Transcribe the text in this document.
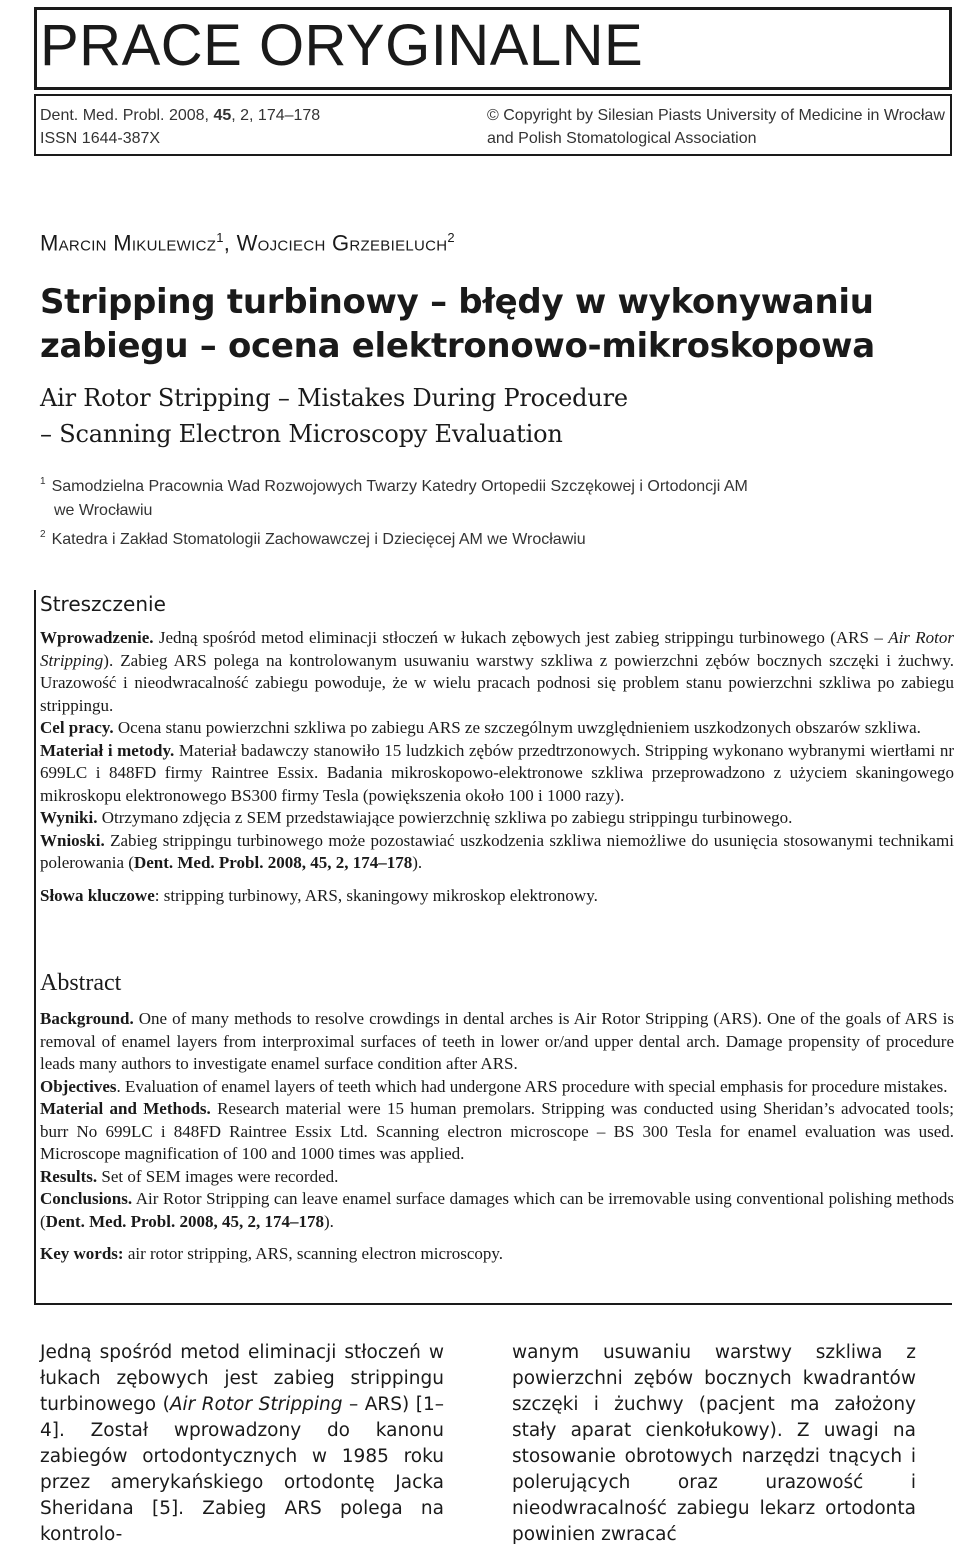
PRACE ORYGINALNE
Dent. Med. Probl. 2008, 45, 2, 174–178
ISSN 1644-387X
© Copyright by Silesian Piasts University of Medicine in Wrocław
and Polish Stomatological Association
Marcin Mikulewicz$^1$, Wojciech Grzebieluch$^2$
Stripping turbinowy – błędy w wykonywaniu
zabiegu – ocena elektronowo-mikroskopowa
Air Rotor Stripping – Mistakes During Procedure
– Scanning Electron Microscopy Evaluation
$^1$ Samodzielna Pracownia Wad Rozwojowych Twarzy Katedry Ortopedii Szczękowej i Ortodoncji AM
we Wrocławiu
$^2$ Katedra i Zakład Stomatologii Zachowawczej i Dziecięcej AM we Wrocławiu
Streszczenie
Wprowadzenie. Jedną spośród metod eliminacji stłoczeń w łukach zębowych jest zabieg strippingu turbinowego (ARS – Air Rotor Stripping). Zabieg ARS polega na kontrolowanym usuwaniu warstwy szkliwa z powierzchni zębów bocznych szczęki i żuchwy. Urazowość i nieodwracalność zabiegu powoduje, że w wielu pracach podnosi się problem stanu powierzchni szkliwa po zabiegu strippingu.
Cel pracy. Ocena stanu powierzchni szkliwa po zabiegu ARS ze szczególnym uwzględnieniem uszkodzonych obszarów szkliwa.
Materiał i metody. Materiał badawczy stanowiło 15 ludzkich zębów przedtrzonowych. Stripping wykonano wybranymi wiertłami nr 699LC i 848FD firmy Raintree Essix. Badania mikroskopowo-elektronowe szkliwa przeprowadzono z użyciem skaningowego mikroskopu elektronowego BS300 firmy Tesla (powiększenia około 100 i 1000 razy).
Wyniki. Otrzymano zdjęcia z SEM przedstawiające powierzchnię szkliwa po zabiegu strippingu turbinowego.
Wnioski. Zabieg strippingu turbinowego może pozostawiać uszkodzenia szkliwa niemożliwe do usunięcia stosowanymi technikami polerowania (Dent. Med. Probl. 2008, 45, 2, 174–178).
Słowa kluczowe: stripping turbinowy, ARS, skaningowy mikroskop elektronowy.
Abstract
Background. One of many methods to resolve crowdings in dental arches is Air Rotor Stripping (ARS). One of the goals of ARS is removal of enamel layers from interproximal surfaces of teeth in lower or/and upper dental arch. Damage propensity of procedure leads many authors to investigate enamel surface condition after ARS.
Objectives. Evaluation of enamel layers of teeth which had undergone ARS procedure with special emphasis for procedure mistakes.
Material and Methods. Research material were 15 human premolars. Stripping was conducted using Sheridan’s advocated tools; burr No 699LC i 848FD Raintree Essix Ltd. Scanning electron microscope – BS 300 Tesla for enamel evaluation was used. Microscope magnification of 100 and 1000 times was applied.
Results. Set of SEM images were recorded.
Conclusions. Air Rotor Stripping can leave enamel surface damages which can be irremovable using conventional polishing methods (Dent. Med. Probl. 2008, 45, 2, 174–178).
Key words: air rotor stripping, ARS, scanning electron microscopy.
Jedną spośród metod eliminacji stłoczeń w łukach zębowych jest zabieg strippingu turbinowego (Air Rotor Stripping – ARS) [1–4]. Został wprowadzony do kanonu zabiegów ortodontycznych w 1985 roku przez amerykańskiego ortodontę Jacka Sheridana [5]. Zabieg ARS polega na kontrolo-
wanym usuwaniu warstwy szkliwa z powierzchni zębów bocznych kwadrantów szczęki i żuchwy (pacjent ma założony stały aparat cienkołukowy). Z uwagi na stosowanie obrotowych narzędzi tnących i polerujących oraz urazowość i nieodwracalność zabiegu lekarz ortodonta powinien zwracać
